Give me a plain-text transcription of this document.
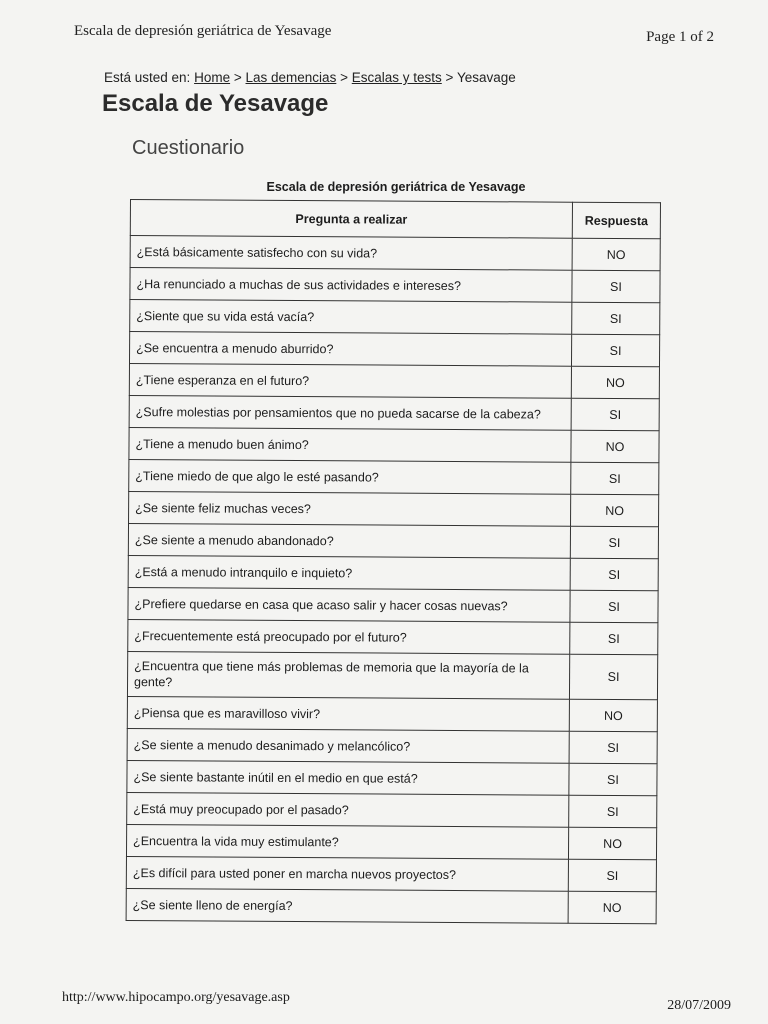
Escala de depresión geriátrica de Yesavage	Page 1 of 2
Está usted en: Home > Las demencias > Escalas y tests > Yesavage
Escala de Yesavage
Cuestionario
Escala de depresión geriátrica de Yesavage
Pregunta a realizar	Respuesta
¿Está básicamente satisfecho con su vida?	NO
¿Ha renunciado a muchas de sus actividades e intereses?	SI
¿Siente que su vida está vacía?	SI
¿Se encuentra a menudo aburrido?	SI
¿Tiene esperanza en el futuro?	NO
¿Sufre molestias por pensamientos que no pueda sacarse de la cabeza?	SI
¿Tiene a menudo buen ánimo?	NO
¿Tiene miedo de que algo le esté pasando?	SI
¿Se siente feliz muchas veces?	NO
¿Se siente a menudo abandonado?	SI
¿Está a menudo intranquilo e inquieto?	SI
¿Prefiere quedarse en casa que acaso salir y hacer cosas nuevas?	SI
¿Frecuentemente está preocupado por el futuro?	SI
¿Encuentra que tiene más problemas de memoria que la mayoría de la gente?	SI
¿Piensa que es maravilloso vivir?	NO
¿Se siente a menudo desanimado y melancólico?	SI
¿Se siente bastante inútil en el medio en que está?	SI
¿Está muy preocupado por el pasado?	SI
¿Encuentra la vida muy estimulante?	NO
¿Es difícil para usted poner en marcha nuevos proyectos?	SI
¿Se siente lleno de energía?	NO
http://www.hipocampo.org/yesavage.asp
28/07/2009
